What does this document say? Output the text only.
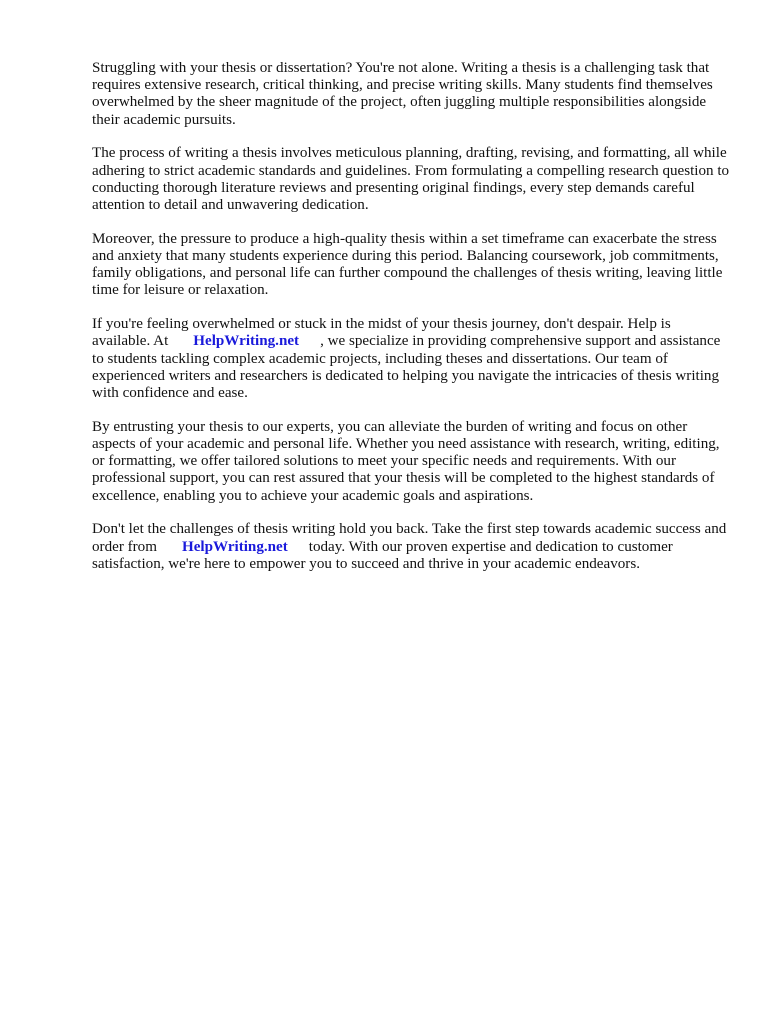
Struggling with your thesis or dissertation? You're not alone. Writing a thesis is a challenging task that requires extensive research, critical thinking, and precise writing skills. Many students find themselves overwhelmed by the sheer magnitude of the project, often juggling multiple responsibilities alongside their academic pursuits.

The process of writing a thesis involves meticulous planning, drafting, revising, and formatting, all while adhering to strict academic standards and guidelines. From formulating a compelling research question to conducting thorough literature reviews and presenting original findings, every step demands careful attention to detail and unwavering dedication.

Moreover, the pressure to produce a high-quality thesis within a set timeframe can exacerbate the stress and anxiety that many students experience during this period. Balancing coursework, job commitments, family obligations, and personal life can further compound the challenges of thesis writing, leaving little time for leisure or relaxation.

If you're feeling overwhelmed or stuck in the midst of your thesis journey, don't despair. Help is available. At HelpWriting.net , we specialize in providing comprehensive support and assistance to students tackling complex academic projects, including theses and dissertations. Our team of experienced writers and researchers is dedicated to helping you navigate the intricacies of thesis writing with confidence and ease.

By entrusting your thesis to our experts, you can alleviate the burden of writing and focus on other aspects of your academic and personal life. Whether you need assistance with research, writing, editing, or formatting, we offer tailored solutions to meet your specific needs and requirements. With our professional support, you can rest assured that your thesis will be completed to the highest standards of excellence, enabling you to achieve your academic goals and aspirations.

Don't let the challenges of thesis writing hold you back. Take the first step towards academic success and order from HelpWriting.net today. With our proven expertise and dedication to customer satisfaction, we're here to empower you to succeed and thrive in your academic endeavors.
